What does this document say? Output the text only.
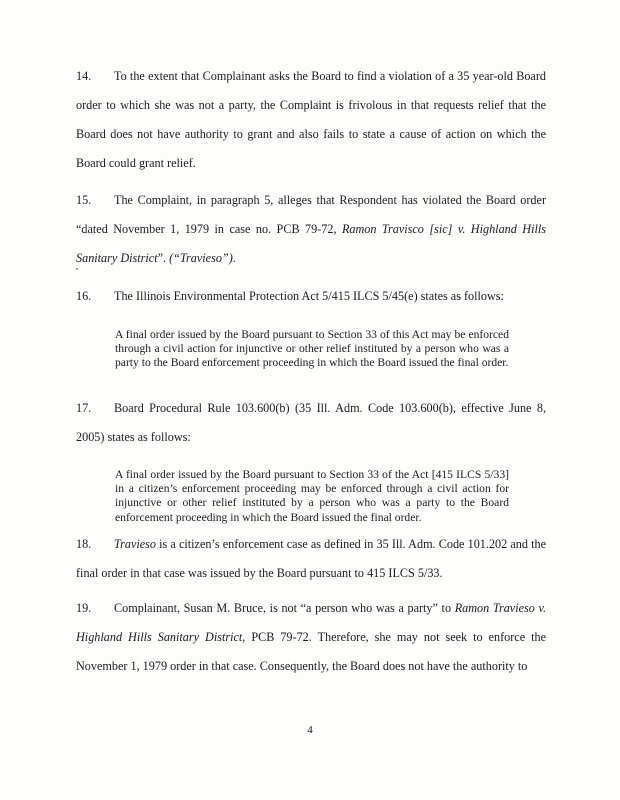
14. To the extent that Complainant asks the Board to find a violation of a 35 year-old Board order to which she was not a party, the Complaint is frivolous in that requests relief that the Board does not have authority to grant and also fails to state a cause of action on which the Board could grant relief.

15. The Complaint, in paragraph 5, alleges that Respondent has violated the Board order “dated November 1, 1979 in case no. PCB 79-72, Ramon Travisco [sic] v. Highland Hills Sanitary District”. (“Travieso”).

16. The Illinois Environmental Protection Act 5/415 ILCS 5/45(e) states as follows:

A final order issued by the Board pursuant to Section 33 of this Act may be enforced through a civil action for injunctive or other relief instituted by a person who was a party to the Board enforcement proceeding in which the Board issued the final order.

17. Board Procedural Rule 103.600(b) (35 Ill. Adm. Code 103.600(b), effective June 8, 2005) states as follows:

A final order issued by the Board pursuant to Section 33 of the Act [415 ILCS 5/33] in a citizen’s enforcement proceeding may be enforced through a civil action for injunctive or other relief instituted by a person who was a party to the Board enforcement proceeding in which the Board issued the final order.

18. Travieso is a citizen’s enforcement case as defined in 35 Ill. Adm. Code 101.202 and the final order in that case was issued by the Board pursuant to 415 ILCS 5/33.

19. Complainant, Susan M. Bruce, is not “a person who was a party” to Ramon Travieso v. Highland Hills Sanitary District, PCB 79-72. Therefore, she may not seek to enforce the November 1, 1979 order in that case. Consequently, the Board does not have the authority to

4
